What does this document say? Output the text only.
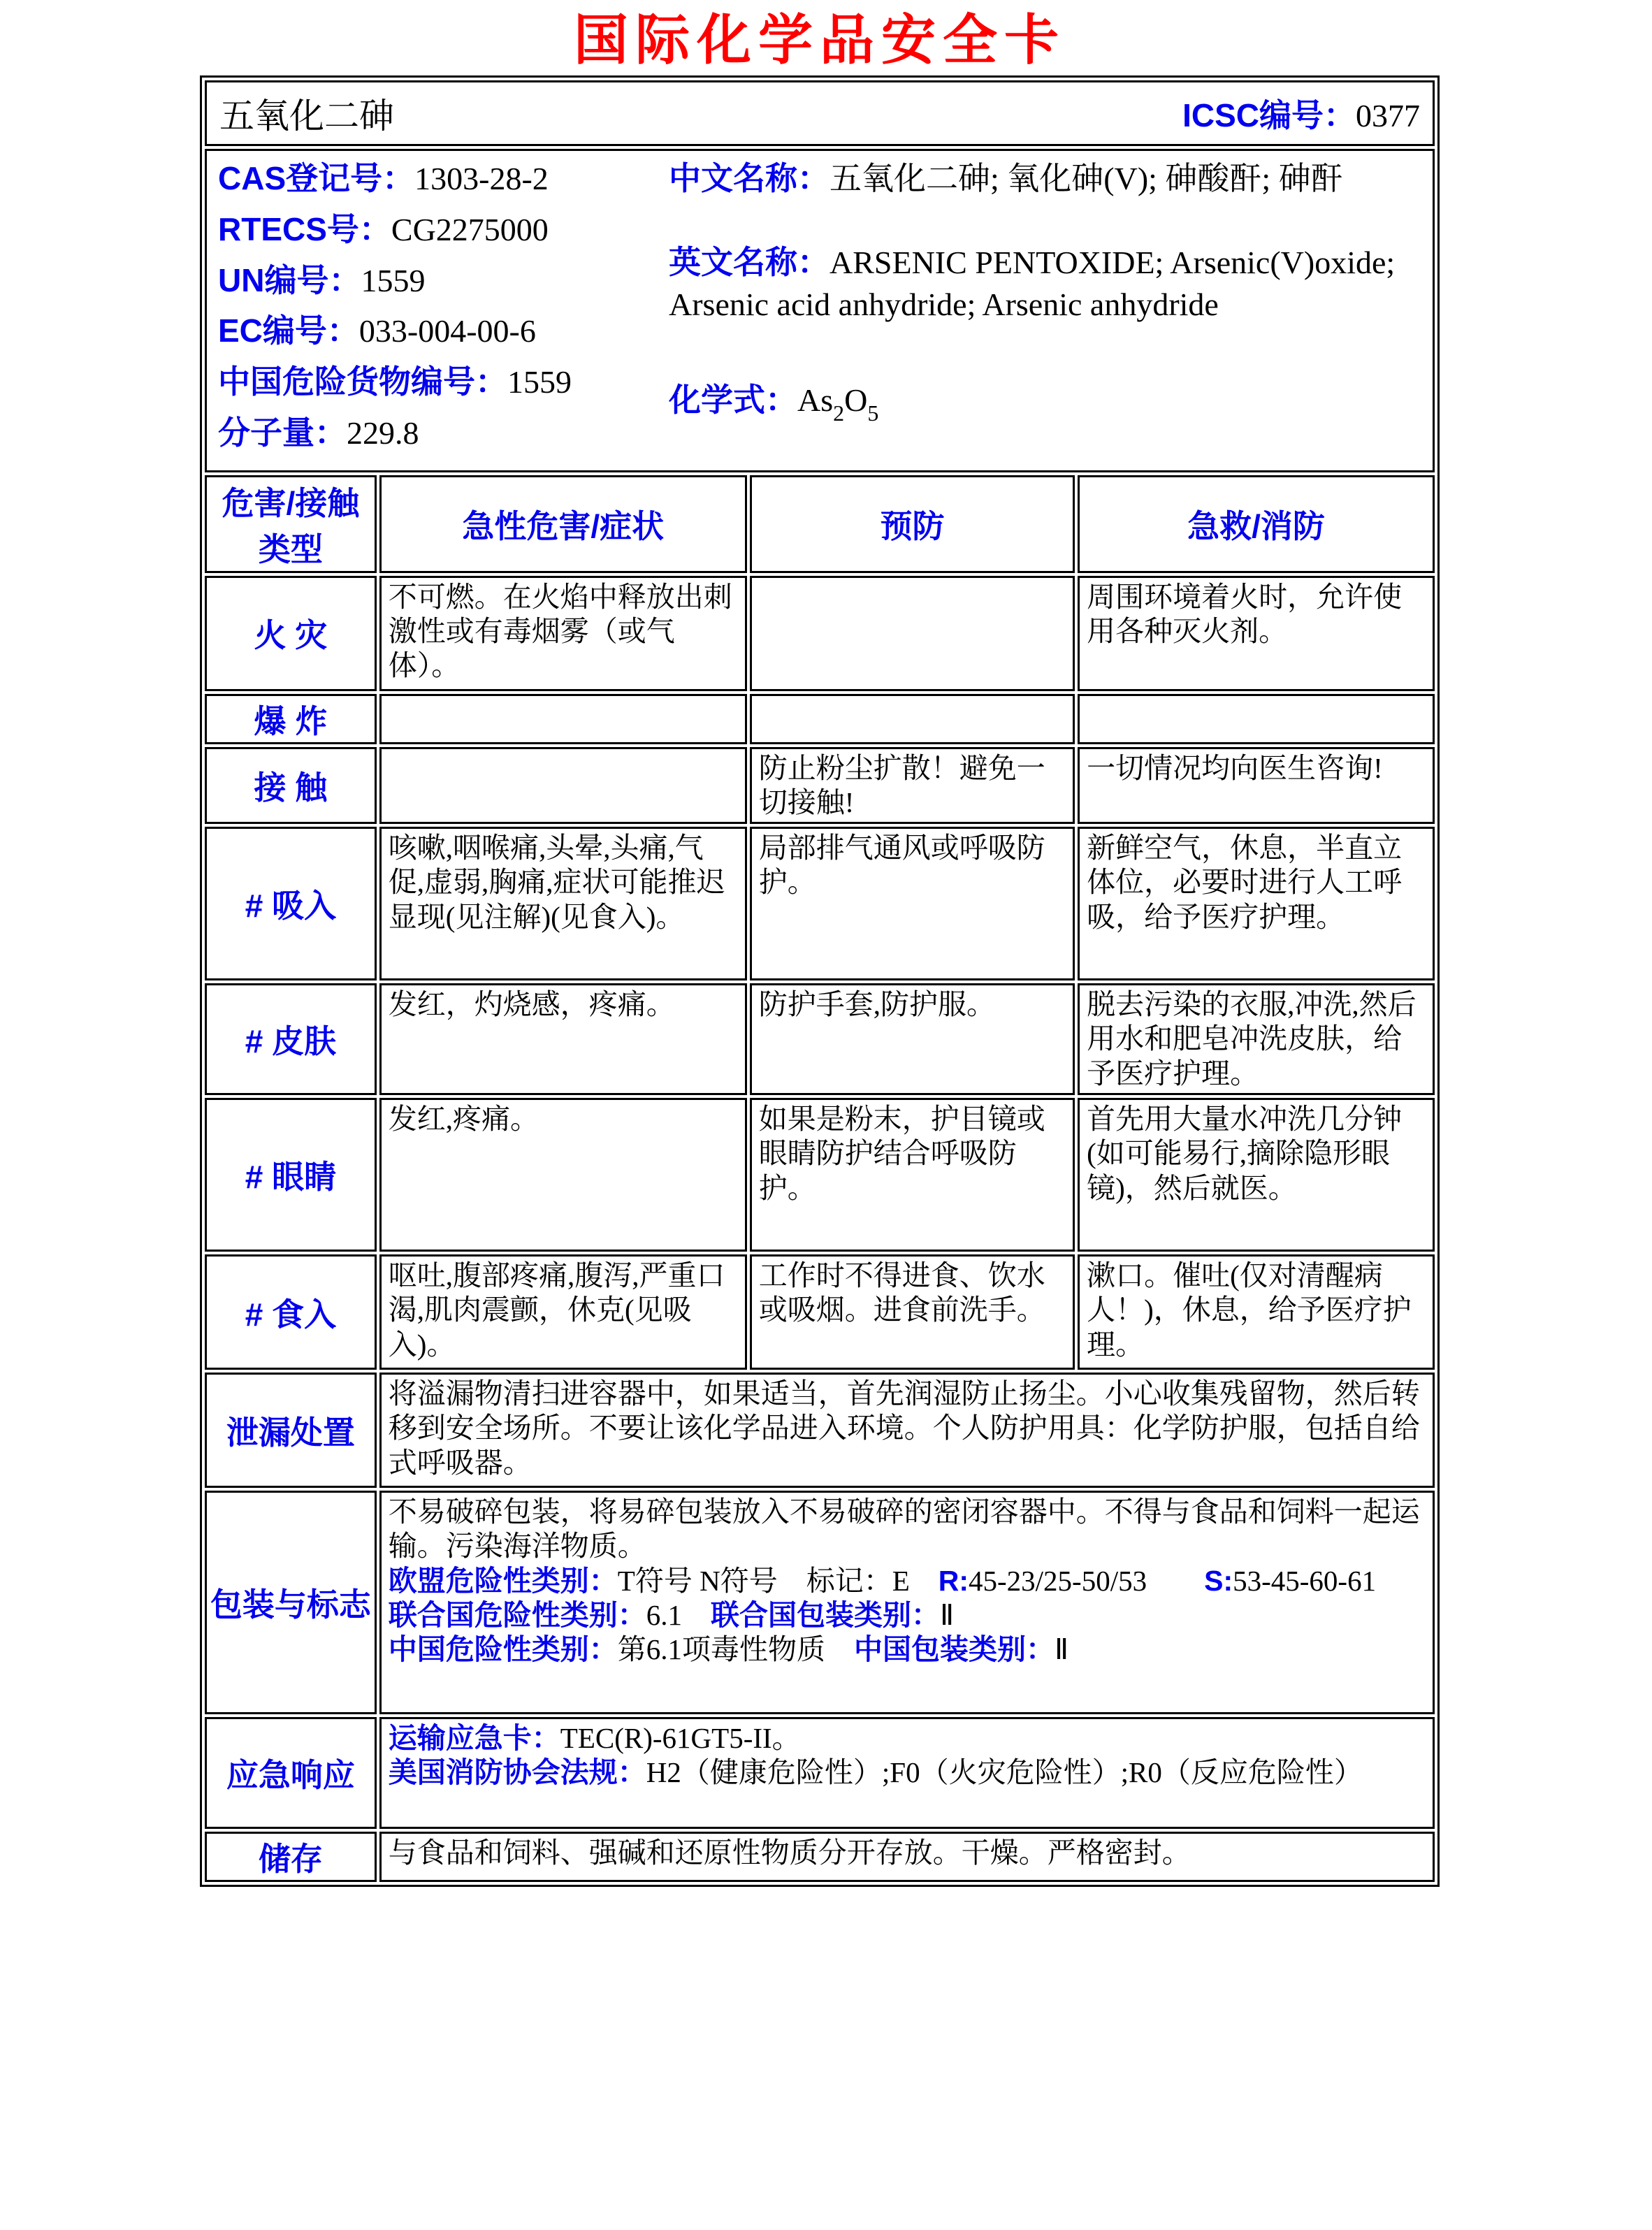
国际化学品安全卡
五氧化二砷 ICSC编号：0377			

CAS登记号：1303-28-2
RTECS号：CG2275000
UN编号：1559
EC编号：033-004-00-6
中国危险货物编号：1559
分子量：229.8
中文名称：五氧化二砷; 氧化砷(V); 砷酸酐; 砷酐
英文名称：ARSENIC PENTOXIDE; Arsenic(V)oxide; Arsenic acid anhydride; Arsenic anhydride
化学式：$As_2O_5$

危害/接触类型	急性危害/症状	预防	急救/消防
火 灾	不可燃。在火焰中释放出刺激性或有毒烟雾（或气体）。		周围环境着火时，允许使用各种灭火剂。
爆 炸			
接 触		防止粉尘扩散！避免一切接触!	一切情况均向医生咨询!
# 吸入	咳嗽,咽喉痛,头晕,头痛,气促,虚弱,胸痛,症状可能推迟显现(见注解)(见食入)。	局部排气通风或呼吸防护。	新鲜空气，休息，半直立体位，必要时进行人工呼吸，给予医疗护理。
# 皮肤	发红，灼烧感，疼痛。	防护手套,防护服。	脱去污染的衣服,冲洗,然后用水和肥皂冲洗皮肤，给予医疗护理。
# 眼睛	发红,疼痛。	如果是粉末，护目镜或眼睛防护结合呼吸防护。	首先用大量水冲洗几分钟(如可能易行,摘除隐形眼镜)，然后就医。
# 食入	呕吐,腹部疼痛,腹泻,严重口渴,肌肉震颤，休克(见吸入)。	工作时不得进食、饮水或吸烟。进食前洗手。	漱口。催吐(仅对清醒病人！)，休息，给予医疗护理。
泄漏处置	将溢漏物清扫进容器中，如果适当，首先润湿防止扬尘。小心收集残留物，然后转移到安全场所。不要让该化学品进入环境。个人防护用具：化学防护服，包括自给式呼吸器。		
包装与标志	不易破碎包装，将易碎包装放入不易破碎的密闭容器中。不得与食品和饲料一起运输。污染海洋物质。
欧盟危险性类别：T符号 N符号　标记：E　R:45-23/25-50/53　　S:53-45-60-61
联合国危险性类别：6.1　联合国包装类别：Ⅱ
中国危险性类别：第6.1项毒性物质　中国包装类别：Ⅱ		

应急响应	运输应急卡：TEC(R)-61GT5-II。
美国消防协会法规：H2（健康危险性）;F0（火灾危险性）;R0（反应危险性）		

储存	与食品和饲料、强碱和还原性物质分开存放。干燥。严格密封。		
